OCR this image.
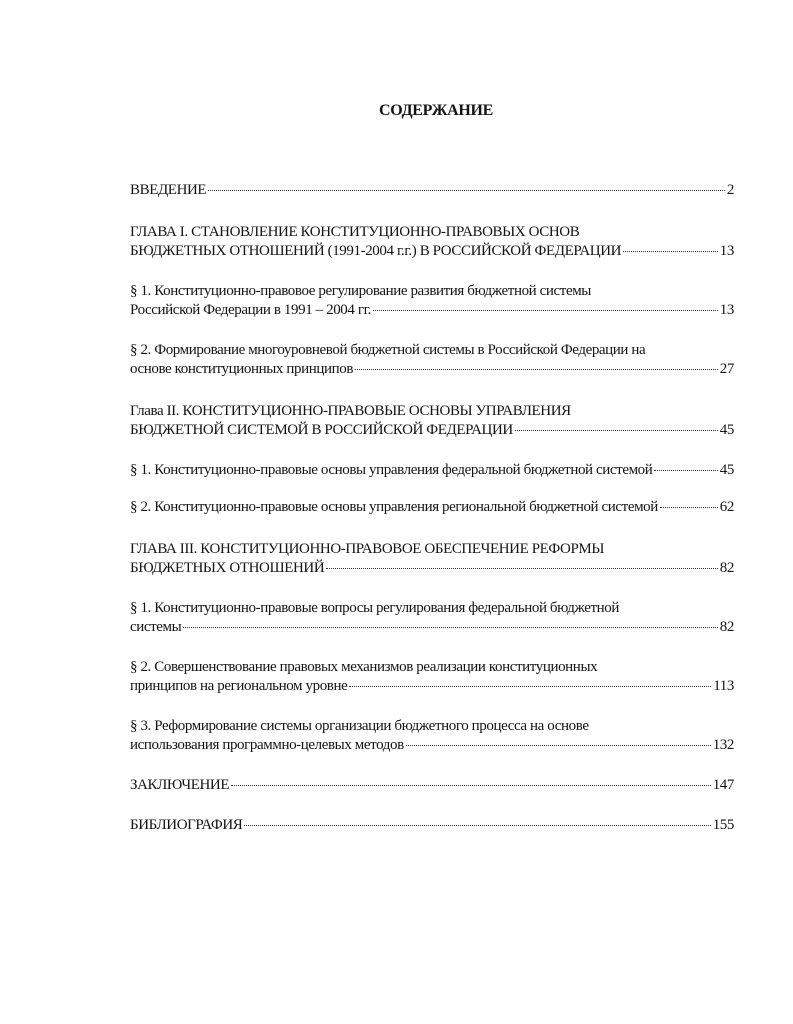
СОДЕРЖАНИЕ
ВВЕДЕНИЕ	2
ГЛАВА I. СТАНОВЛЕНИЕ КОНСТИТУЦИОННО-ПРАВОВЫХ ОСНОВ
БЮДЖЕТНЫХ ОТНОШЕНИЙ (1991-2004 г.г.) В РОССИЙСКОЙ ФЕДЕРАЦИИ	13
§ 1. Конституционно-правовое регулирование развития бюджетной системы
Российской Федерации в 1991 – 2004 гг.	13
§ 2. Формирование многоуровневой бюджетной системы в Российской Федерации на
основе конституционных принципов	27
Глава II. КОНСТИТУЦИОННО-ПРАВОВЫЕ ОСНОВЫ УПРАВЛЕНИЯ
БЮДЖЕТНОЙ СИСТЕМОЙ В РОССИЙСКОЙ ФЕДЕРАЦИИ	45
§ 1. Конституционно-правовые основы управления федеральной бюджетной системой	45
§ 2. Конституционно-правовые основы управления региональной бюджетной системой	62
ГЛАВА III. КОНСТИТУЦИОННО-ПРАВОВОЕ ОБЕСПЕЧЕНИЕ РЕФОРМЫ
БЮДЖЕТНЫХ ОТНОШЕНИЙ	82
§ 1. Конституционно-правовые вопросы регулирования федеральной бюджетной
системы	82
§ 2. Совершенствование правовых механизмов реализации конституционных
принципов на региональном уровне	113
§ 3. Реформирование системы организации бюджетного процесса на основе
использования программно-целевых методов	132
ЗАКЛЮЧЕНИЕ	147
БИБЛИОГРАФИЯ	155
